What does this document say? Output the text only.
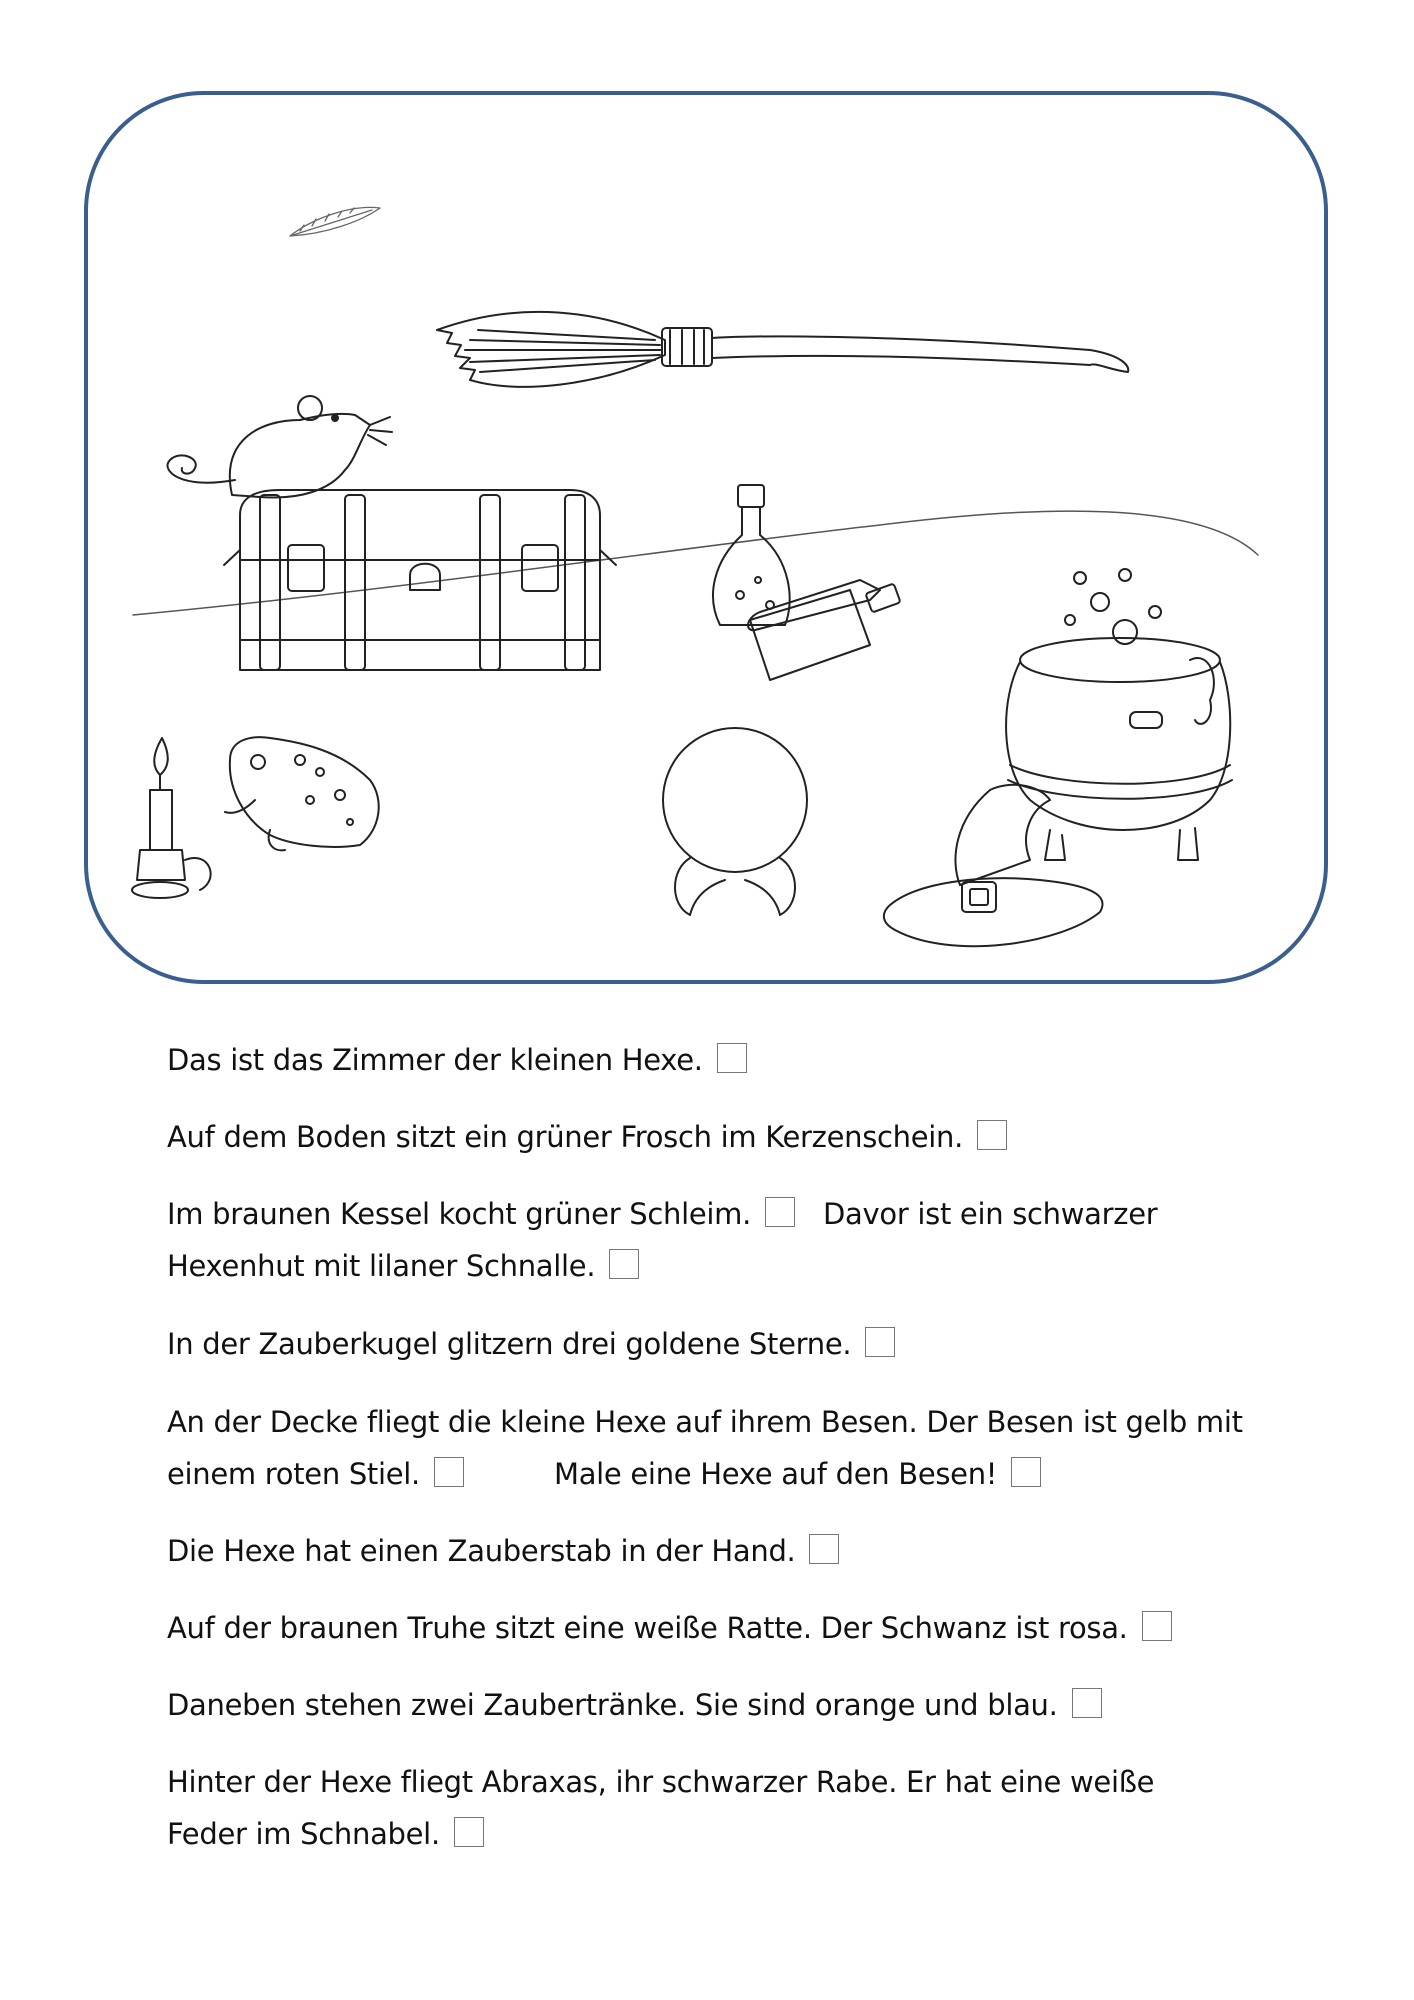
Das ist das Zimmer der kleinen Hexe.
Auf dem Boden sitzt ein grüner Frosch im Kerzenschein.
Im braunen Kessel kocht grüner Schleim. Davor ist ein schwarzer
Hexenhut mit lilaner Schnalle.
In der Zauberkugel glitzern drei goldene Sterne.
An der Decke fliegt die kleine Hexe auf ihrem Besen. Der Besen ist gelb mit
einem roten Stiel.	Male eine Hexe auf den Besen!
Die Hexe hat einen Zauberstab in der Hand.
Auf der braunen Truhe sitzt eine weiße Ratte. Der Schwanz ist rosa.
Daneben stehen zwei Zaubertränke. Sie sind orange und blau.
Hinter der Hexe fliegt Abraxas, ihr schwarzer Rabe. Er hat eine weiße
Feder im Schnabel.
